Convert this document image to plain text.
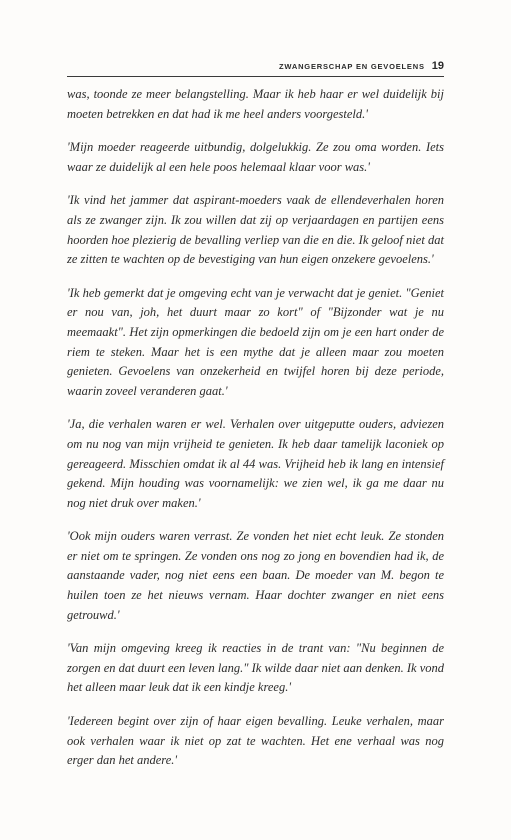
ZWANGERSCHAP EN GEVOELENS 19

was, toonde ze meer belangstelling. Maar ik heb haar er wel duidelijk bij moeten betrekken en dat had ik me heel anders voorgesteld.'

'Mijn moeder reageerde uitbundig, dolgelukkig. Ze zou oma worden. Iets waar ze duidelijk al een hele poos helemaal klaar voor was.'

'Ik vind het jammer dat aspirant-moeders vaak de ellendeverhalen horen als ze zwanger zijn. Ik zou willen dat zij op verjaardagen en partijen eens hoorden hoe plezierig de bevalling verliep van die en die. Ik geloof niet dat ze zitten te wachten op de bevestiging van hun eigen onzekere gevoelens.'

'Ik heb gemerkt dat je omgeving echt van je verwacht dat je geniet. "Geniet er nou van, joh, het duurt maar zo kort" of "Bijzonder wat je nu meemaakt". Het zijn opmerkingen die bedoeld zijn om je een hart onder de riem te steken. Maar het is een mythe dat je alleen maar zou moeten genieten. Gevoelens van onzekerheid en twijfel horen bij deze periode, waarin zoveel veranderen gaat.'

'Ja, die verhalen waren er wel. Verhalen over uitgeputte ouders, adviezen om nu nog van mijn vrijheid te genieten. Ik heb daar tamelijk laconiek op gereageerd. Misschien omdat ik al 44 was. Vrijheid heb ik lang en intensief gekend. Mijn houding was voornamelijk: we zien wel, ik ga me daar nu nog niet druk over maken.'

'Ook mijn ouders waren verrast. Ze vonden het niet echt leuk. Ze stonden er niet om te springen. Ze vonden ons nog zo jong en bovendien had ik, de aanstaande vader, nog niet eens een baan. De moeder van M. begon te huilen toen ze het nieuws vernam. Haar dochter zwanger en niet eens getrouwd.'

'Van mijn omgeving kreeg ik reacties in de trant van: "Nu beginnen de zorgen en dat duurt een leven lang." Ik wilde daar niet aan denken. Ik vond het alleen maar leuk dat ik een kindje kreeg.'

'Iedereen begint over zijn of haar eigen bevalling. Leuke verhalen, maar ook verhalen waar ik niet op zat te wachten. Het ene verhaal was nog erger dan het andere.'
